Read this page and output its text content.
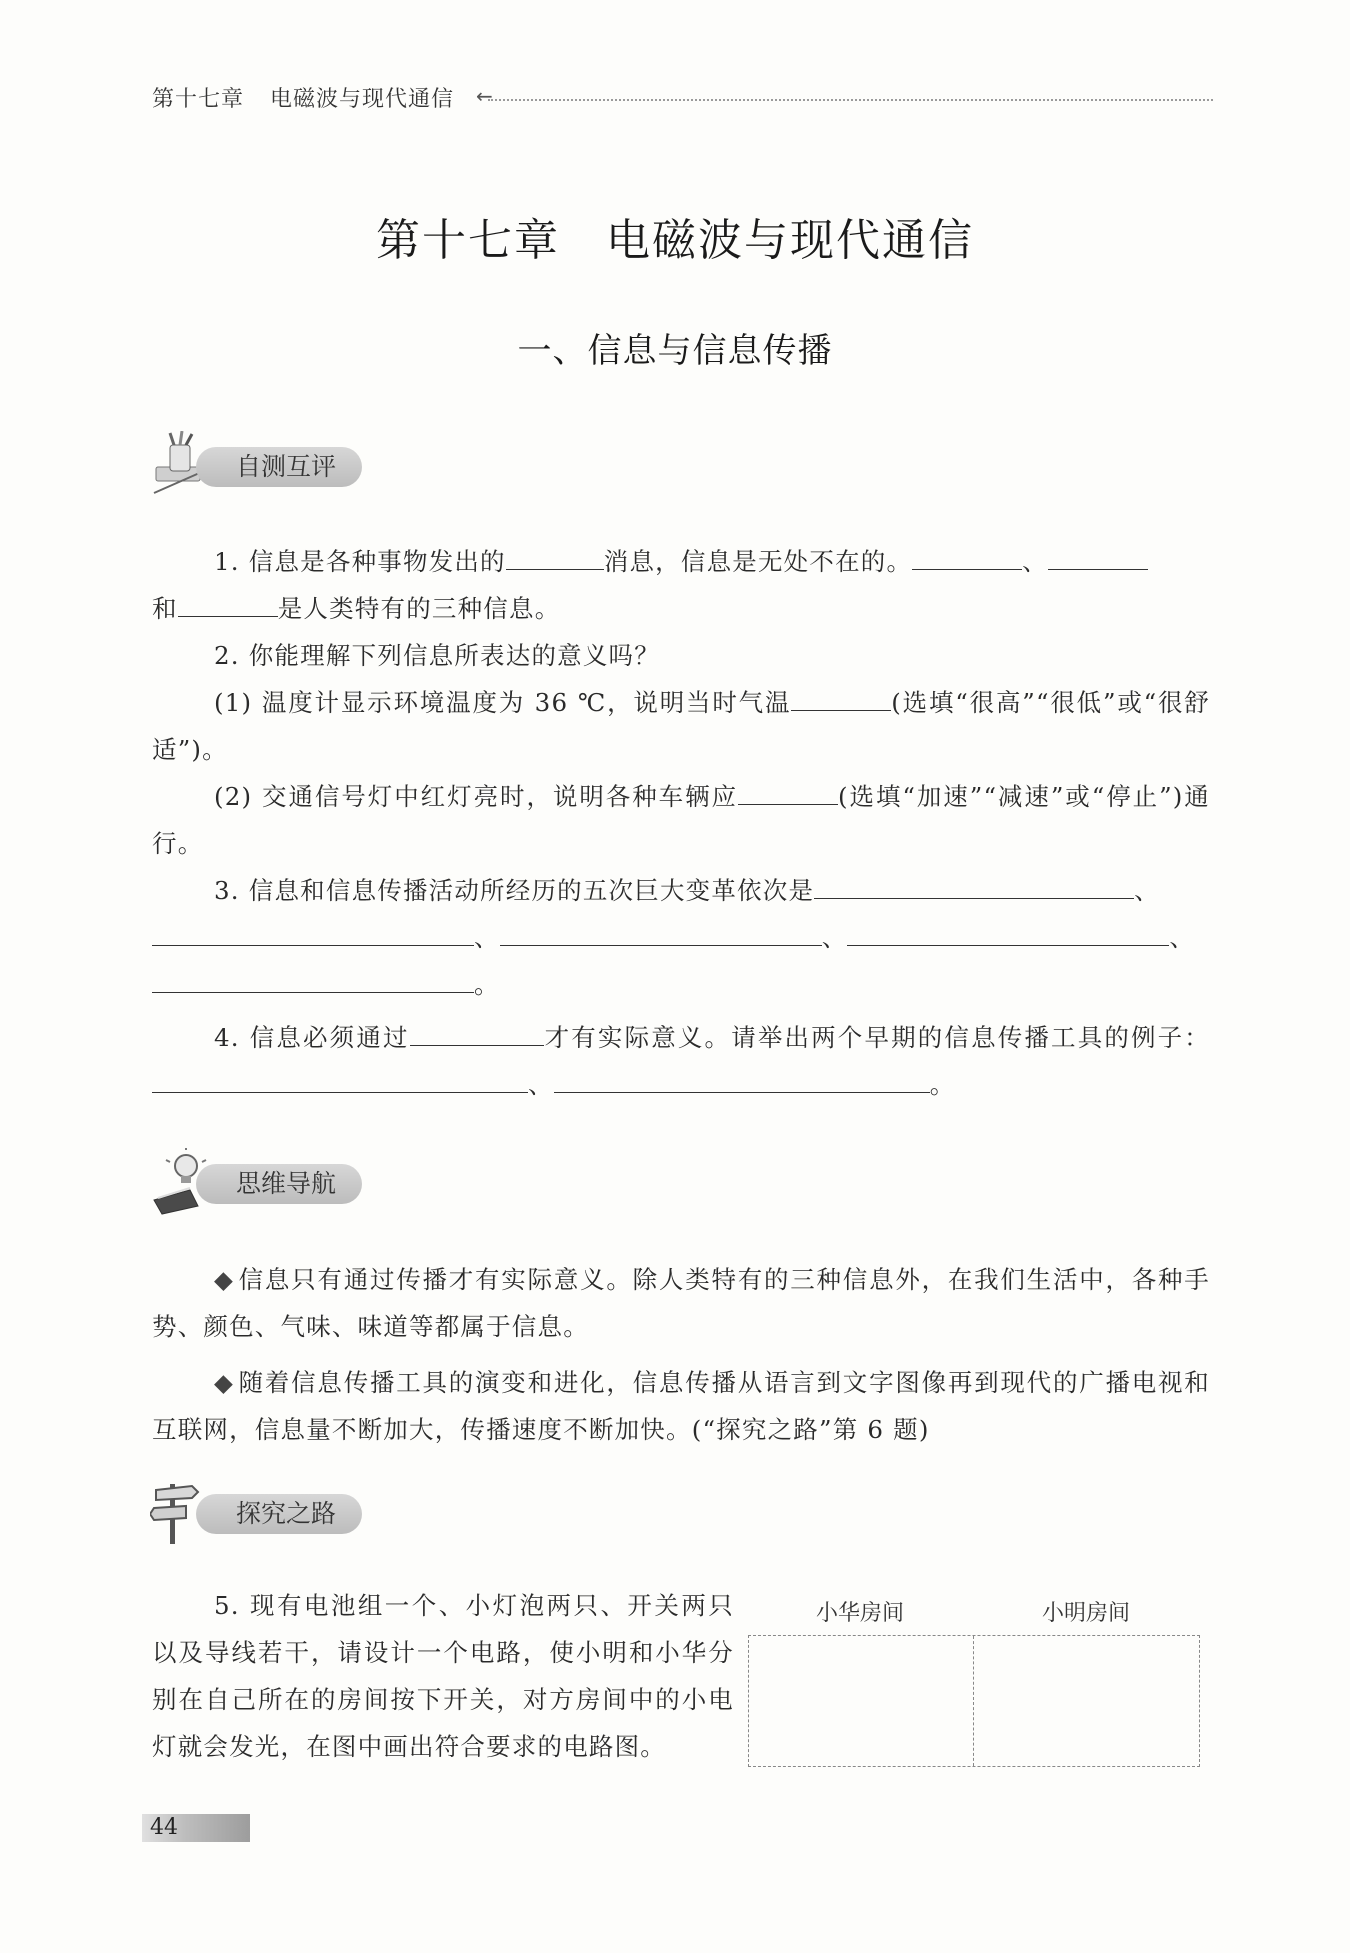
第十七章 电磁波与现代通信 ←
第十七章 电磁波与现代通信
一、信息与信息传播
自测互评

1. 信息是各种事物发出的	消息，信息是无处不在的。	、

和	是人类特有的三种信息。

2. 你能理解下列信息所表达的意义吗？

(1) 温度计显示环境温度为 36 ℃，说明当时气温	(选填“很高”“很低”或“很舒适”)。

(2) 交通信号灯中红灯亮时，说明各种车辆应	(选填“加速”“减速”或“停止”)通行。

3. 信息和信息传播活动所经历的五次巨大变革依次是	、

、	、	、

。

4. 信息必须通过	才有实际意义。请举出两个早期的信息传播工具的例子：、	。

思维导航

◆ 信息只有通过传播才有实际意义。除人类特有的三种信息外，在我们生活中，各种手势、颜色、气味、味道等都属于信息。

◆ 随着信息传播工具的演变和进化，信息传播从语言到文字图像再到现代的广播电视和互联网，信息量不断加大，传播速度不断加快。(“探究之路”第 6 题)

探究之路

5. 现有电池组一个、小灯泡两只、开关两只以及导线若干，请设计一个电路，使小明和小华分别在自己所在的房间按下开关，对方房间中的小电灯就会发光，在图中画出符合要求的电路图。

小华房间	小明房间
44
